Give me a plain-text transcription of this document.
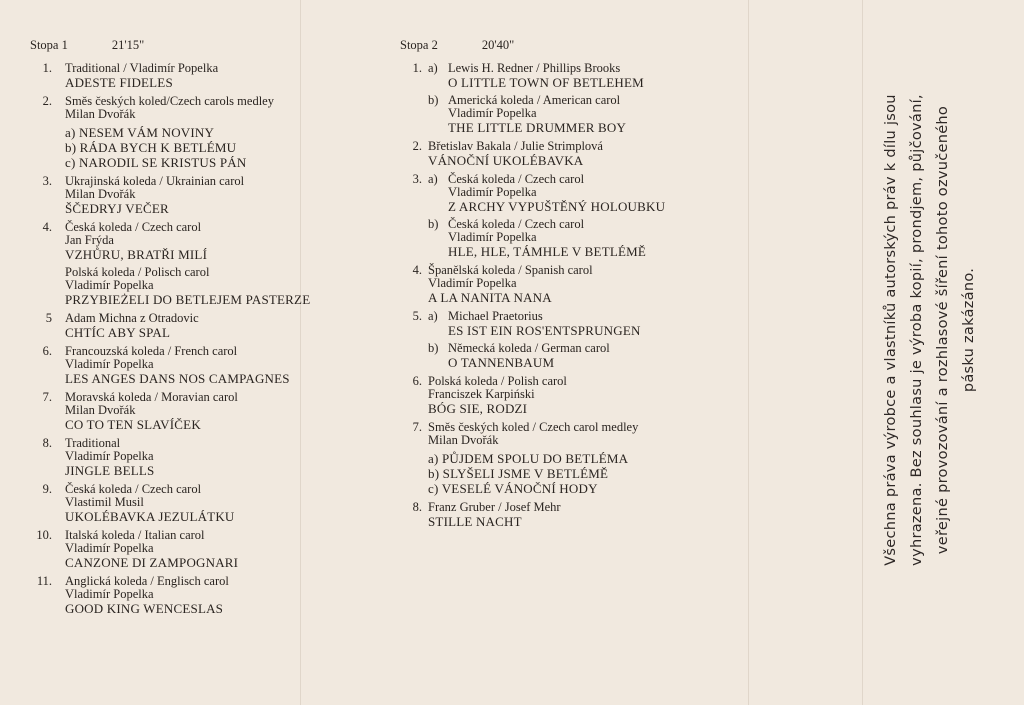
Stopa 1	21'15"
1. Traditional / Vladimír Popelka
ADESTE FIDELES
2. Směs českých koled/Czech carols medley
Milan Dvořák
a) NESEM VÁM NOVINY
b) RÁDA BYCH K BETLÉMU
c) NARODIL SE KRISTUS PÁN
3. Ukrajinská koleda / Ukrainian carol
Milan Dvořák
ŠČEDRYJ VEČER
4. Česká koleda / Czech carol
Jan Frýda
VZHŮRU, BRATŘI MILÍ
Polská koleda / Polisch carol
Vladimír Popelka
PRZYBIEŻELI DO BETLEJEM PASTERZE
5 Adam Michna z Otradovic
CHTÍC ABY SPAL
6. Francouzská koleda / French carol
Vladimír Popelka
LES ANGES DANS NOS CAMPAGNES
7. Moravská koleda / Moravian carol
Milan Dvořák
CO TO TEN SLAVÍČEK
8. Traditional
Vladimír Popelka
JINGLE BELLS
9. Česká koleda / Czech carol
Vlastimil Musil
UKOLÉBAVKA JEZULÁTKU
10. Italská koleda / Italian carol
Vladimír Popelka
CANZONE DI ZAMPOGNARI
11. Anglická koleda / Englisch carol
Vladimír Popelka
GOOD KING WENCESLAS
Stopa 2	20'40"
1. a) Lewis H. Redner / Phillips Brooks
O LITTLE TOWN OF BETLEHEM
b) Americká koleda / American carol
Vladimír Popelka
THE LITTLE DRUMMER BOY
2. Břetislav Bakala / Julie Strimplová
VÁNOČNÍ UKOLÉBAVKA
3. a) Česká koleda / Czech carol
Vladimír Popelka
Z ARCHY VYPUŠTĚNÝ HOLOUBKU
b) Česká koleda / Czech carol
Vladimír Popelka
HLE, HLE, TÁMHLE V BETLÉMĚ
4. Španělská koleda / Spanish carol
Vladimír Popelka
A LA NANITA NANA
5. a) Michael Praetorius
ES IST EIN ROS'ENTSPRUNGEN
b) Německá koleda / German carol
O TANNENBAUM
6. Polská koleda / Polish carol
Franciszek Karpiński
BÓG SIE, RODZI
7. Směs českých koled / Czech carol medley
Milan Dvořák
a) PŮJDEM SPOLU DO BETLÉMA
b) SLYŠELI JSME V BETLÉMĚ
c) VESELÉ VÁNOČNÍ HODY
8. Franz Gruber / Josef Mehr
STILLE NACHT	Všechna práva výrobce a vlastníků autorských práv k dílu jsou vyhrazena. Bez souhlasu je výroba kopií, prondjem, půjčování, veřejné provozování a rozhlasové šíření tohoto ozvučeného pásku zakázáno.
